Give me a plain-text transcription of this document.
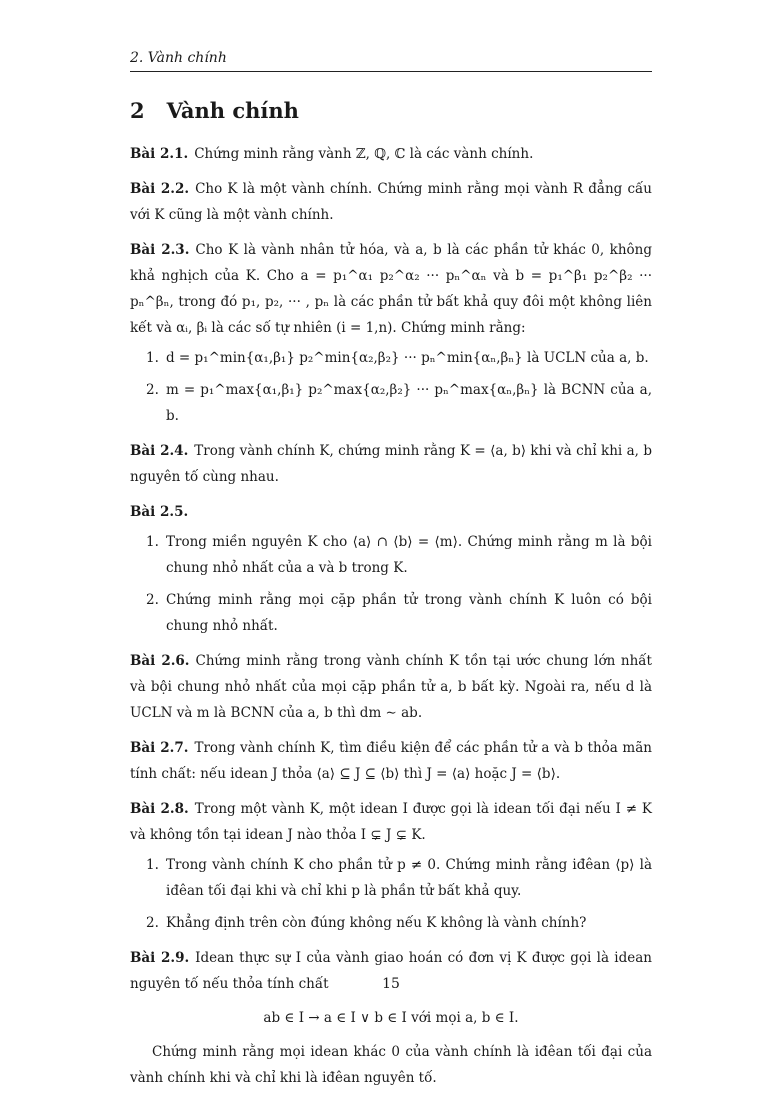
2. Vành chính
2 Vành chính

Bài 2.1. Chứng minh rằng vành ℤ, ℚ, ℂ là các vành chính.

Bài 2.2. Cho K là một vành chính. Chứng minh rằng mọi vành R đẳng cấu với K cũng là một vành chính.

Bài 2.3. Cho K là vành nhân tử hóa, và a, b là các phần tử khác 0, không khả nghịch của K. Cho a = p₁^α₁ p₂^α₂ ··· pₙ^αₙ và b = p₁^β₁ p₂^β₂ ··· pₙ^βₙ, trong đó p₁, p₂, ··· , pₙ là các phần tử bất khả quy đôi một không liên kết và αᵢ, βᵢ là các số tự nhiên (i = 1,n). Chứng minh rằng:
1. d = p₁^min{α₁,β₁} p₂^min{α₂,β₂} ··· pₙ^min{αₙ,βₙ} là UCLN của a, b.
2. m = p₁^max{α₁,β₁} p₂^max{α₂,β₂} ··· pₙ^max{αₙ,βₙ} là BCNN của a, b.

Bài 2.4. Trong vành chính K, chứng minh rằng K = ⟨a, b⟩ khi và chỉ khi a, b nguyên tố cùng nhau.

Bài 2.5.
1. Trong miền nguyên K cho ⟨a⟩ ∩ ⟨b⟩ = ⟨m⟩. Chứng minh rằng m là bội chung nhỏ nhất của a và b trong K.
2. Chứng minh rằng mọi cặp phần tử trong vành chính K luôn có bội chung nhỏ nhất.

Bài 2.6. Chứng minh rằng trong vành chính K tồn tại ước chung lớn nhất và bội chung nhỏ nhất của mọi cặp phần tử a, b bất kỳ. Ngoài ra, nếu d là UCLN và m là BCNN của a, b thì dm ∼ ab.

Bài 2.7. Trong vành chính K, tìm điều kiện để các phần tử a và b thỏa mãn tính chất: nếu idean J thỏa ⟨a⟩ ⊆ J ⊆ ⟨b⟩ thì J = ⟨a⟩ hoặc J = ⟨b⟩.

Bài 2.8. Trong một vành K, một idean I được gọi là idean tối đại nếu I ≠ K và không tồn tại idean J nào thỏa I ⊊ J ⊊ K.
1. Trong vành chính K cho phần tử p ≠ 0. Chứng minh rằng iđêan ⟨p⟩ là iđêan tối đại khi và chỉ khi p là phần tử bất khả quy.
2. Khẳng định trên còn đúng không nếu K không là vành chính?
Bài 2.9. Idean thực sự I của vành giao hoán có đơn vị K được gọi là idean nguyên tố nếu thỏa tính chất
ab ∈ I → a ∈ I ∨ b ∈ I với mọi a, b ∈ I.
Chứng minh rằng mọi idean khác 0 của vành chính là iđêan tối đại của vành chính khi và chỉ khi là iđêan nguyên tố.
15
